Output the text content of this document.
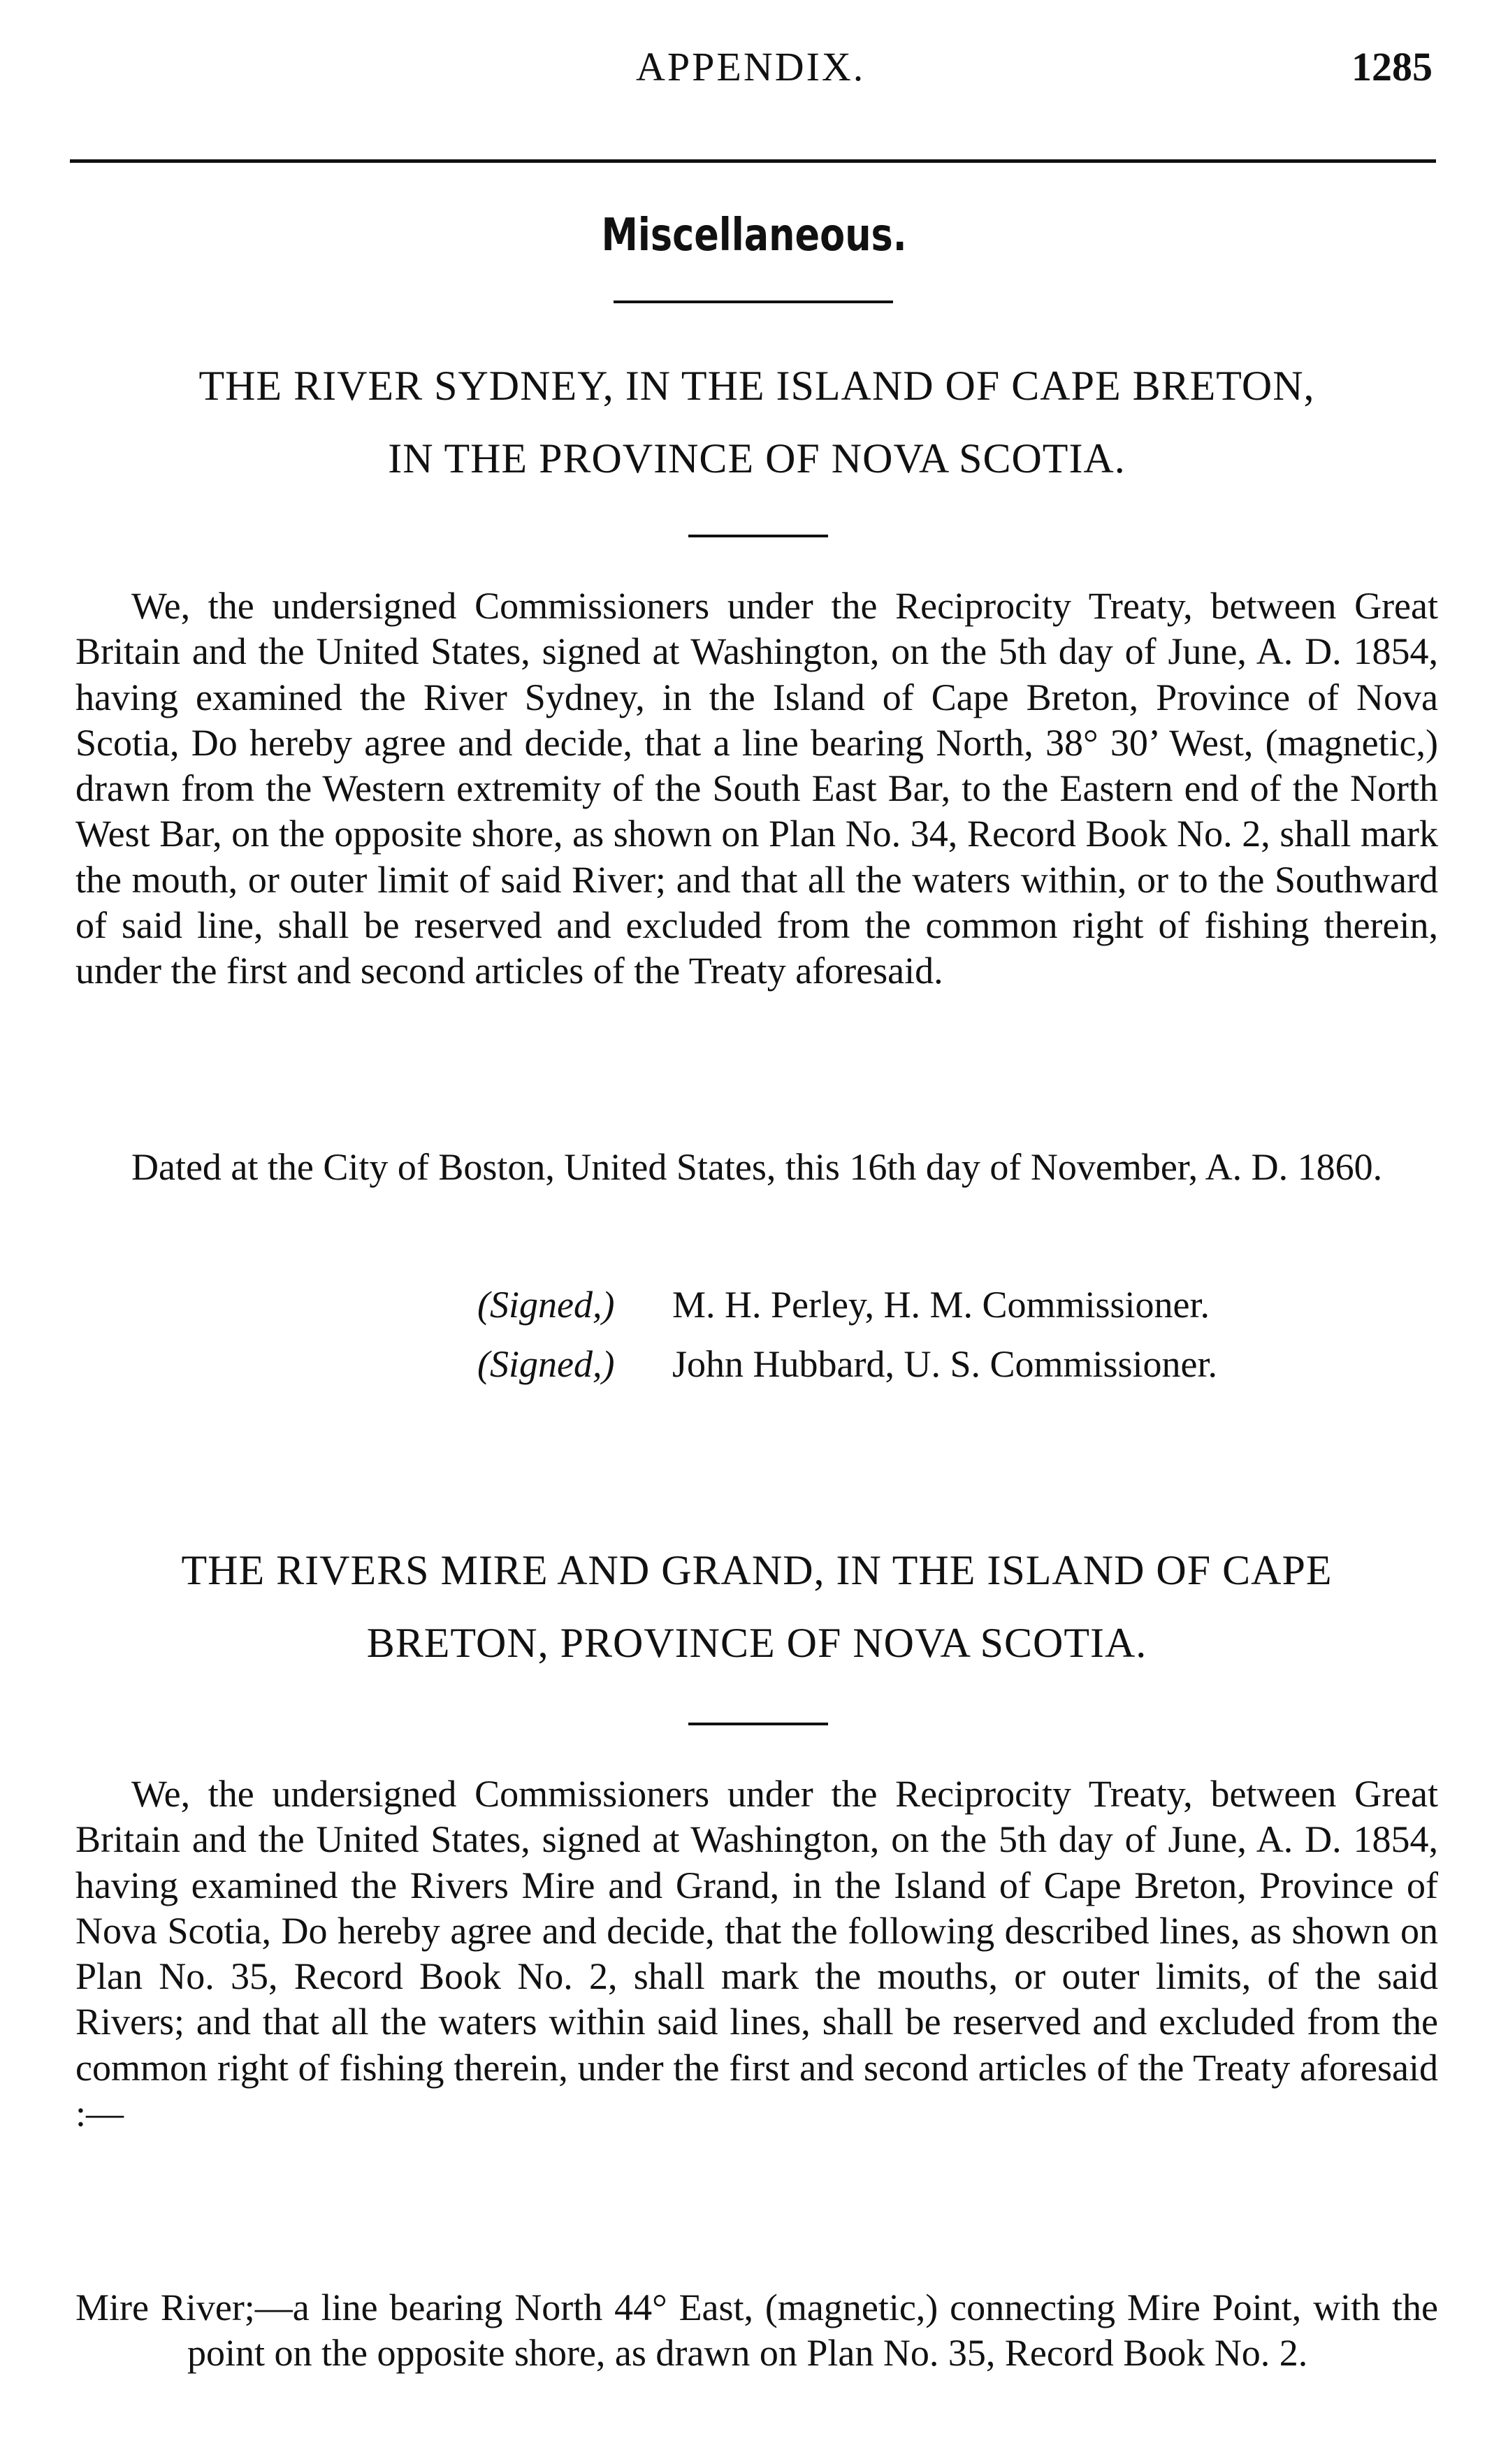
APPENDIX.	1285
Miscellaneous.
THE RIVER SYDNEY, IN THE ISLAND OF CAPE BRETON,
IN THE PROVINCE OF NOVA SCOTIA.
We, the undersigned Commissioners under the Reciprocity Treaty, between Great Britain and the United States, signed at Washington, on the 5th day of June, A. D. 1854, having examined the River Sydney, in the Island of Cape Breton, Province of Nova Scotia, Do hereby agree and decide, that a line bearing North, 38° 30’ West, (magnetic,) drawn from the Western extremity of the South East Bar, to the Eastern end of the North West Bar, on the opposite shore, as shown on Plan No. 34, Record Book No. 2, shall mark the mouth, or outer limit of said River; and that all the waters within, or to the Southward of said line, shall be reserved and excluded from the common right of fishing therein, under the first and second articles of the Treaty aforesaid.
Dated at the City of Boston, United States, this 16th day of November, A. D. 1860.
(Signed,) M. H. Perley, H. M. Commissioner.
(Signed,) John Hubbard, U. S. Commissioner.
THE RIVERS MIRE AND GRAND, IN THE ISLAND OF CAPE
BRETON, PROVINCE OF NOVA SCOTIA.
We, the undersigned Commissioners under the Reciprocity Treaty, between Great Britain and the United States, signed at Washington, on the 5th day of June, A. D. 1854, having examined the Rivers Mire and Grand, in the Island of Cape Breton, Province of Nova Scotia, Do hereby agree and decide, that the following described lines, as shown on Plan No. 35, Record Book No. 2, shall mark the mouths, or outer limits, of the said Rivers; and that all the waters within said lines, shall be reserved and excluded from the common right of fishing therein, under the first and second articles of the Treaty aforesaid :—
Mire River;—a line bearing North 44° East, (magnetic,) connecting Mire Point, with the point on the opposite shore, as drawn on Plan No. 35, Record Book No. 2.
